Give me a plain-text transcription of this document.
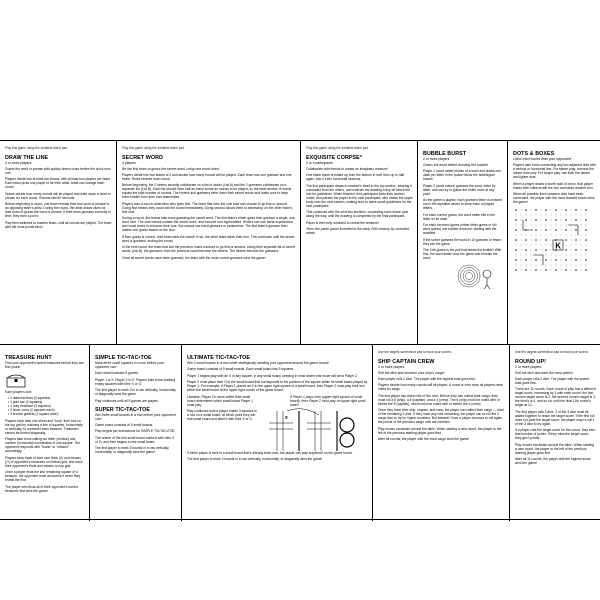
Play this game using the smallest blank pad.
DRAW THE LINE
4 or more players

Guess the word or phrase with quickly drawn clues before the clock runs out!

Players divide into at least two teams, with at least two players per team. Each team picks one player to be their artist. Artist can change each round.

Teams decide how many rounds will be played and write down a word or phrase for each round. Rounds last 60 seconds.

Before beginning a round, one team reveals their first word or phrase to an opposing team's artist. During the round, the artist draws clues for their team to guess the word or phrase. If their team guesses correctly in time, they earn a point.

Play then switches to another team, until all rounds are played. The team with the most points wins!

Play this game using the smallest blank pad.
SECRET WORD
4 players
Be the first team to guess the secret word, using one-word clues!

Players divide into two teams of 2 and decide how many rounds will be played. Each team has one guesser and one hinter. Roles reverse each round.

Before beginning, the 2 hinters secretly collaborate on a list of words (List A) and the 2 guessers collaborate on a separate list (List B). Each list should have half as many words as rounds to be played, so the total number of words equals the total number of rounds. The hinters and guessers write down their secret words and make sure to keep them hidden from their own teammates.

Players toss a coin to determine who goes first. The team that wins the coin toss can choose to go first or second. Going first means they could win the round immediately. Going second allows them to eavesdrop on the other team's first clue.

During a round, the teams take turns guessing the secret word. The first team's hinter gives their guesser a single, one-word clue. The clue cannot contain the secret word, and must be non-hyphenated. Hinters can use facial expressions and vocal tones to enhance their clue. But cannot use hand gestures or pantomime. The first team's guesser then makes one guess based on the clue.

If their guess is correct, their team wins the round! If not, the other team takes their turn. This continues until the secret word is guessed, ending the round.

In the next round, the team that lost the previous round chooses to go first or second. Using their separate list of secret words (List B), the guessers from the previous round become the hinters. The hinters become the guessers.

Once all secret words have been guessed, the team with the most correct guesses wins the game!

Play this game using the smallest blank pad.
EXQUISITE CORPSE*
2 to 4 participants

Collaborate with friends to create an imaginary creature!

One blank sheet is folded up from the bottom in half, then up in half again, into 4 even horizontal sections.

The first participant draws a creature's head in the top section, keeping it concealed from the others, and extends the drawing a tiny bit below the fold for guidelines. When finished, first participant folds their section under, and passes the paper to the next participant, who draws the upper body onto the next section, making sure to leave small guidelines for the next participant.

This continues with the next two sections, concealing each drawn part along the way, until the drawing is completed by the final participant.

Paper is then fully unfolded to reveal the creature!

*from the parlor game invented in the early 20th century by surrealist artists

BUBBLE BURST
2 or more players
Guess the word before bursting the bubble!

Player 1 (word setter) thinks of a word and draws one dash per letter in the space below the bubblegum blower.

Player 2 (word solver) guesses the word, letter by letter, and can try to guess the entire word at any point.

As the game is played, each guessed letter is crossed out in the alphabet above to keep track of played letters.

For each correct guess, the word setter fills in the letter on its dash.

For each incorrect guess (either letter guess or full word guess) one bubble is traced, starting with the smallest.

If the solver guesses the word in 10 guesses or fewer, they win the game.

The 11th guess is the pull that bursts the bubble! With this, the word setter wins the game and reveals the word.

DOTS & BOXES
Claim more boxes than your opponent!

Players take turns connecting any two adjacent dots with a vertical or horizontal line. For starter play, connect the darker dots only. For longer play, use both the darker and lighter dots.

When a player draws a fourth side of a box, that player marks their initial inside the box and takes another turn.

When all possible lines between dots have been connected, the player with the most claimed boxes wins the game!

K
TREASURE HUNT

Find your opponent's buried treasures before they can find yours!

Each player's loot:

• 1 diamond tiara (3 squares)
• 1 gold bar (4 squares)
• 1 ruby necklace (3 squares)
• 2 silver coins (2 squares each)
• 3 bronze goblets (1 square each)

Players each take one sheet and "bury" their loot on the top grid by outlining a line of squares, horizontally or vertically, to represent each treasure. Treasures cannot be buried diagonally.

Players take turns calling out letter (vertical) and number (horizontal) coordinates of one square. The opponent responds with "found" or "missed" accordingly.

Players keep track of their own finds (X) and misses (O) of opponent's treasures on bottom grid, and track their opponent's finds and misses on top grid.

Once a player finds the last remaining square of a treasure, the opponent must announce it when they reveal the find.

The player who finds all of their opponent's buried treasures first wins the game!

SIMPLE TIC•TAC•TOE
Mark three small squares in a row before your opponent can!

Each sheet includes 9 games.

Player 1 is X. Player 2 is O. Players take turns marking empty squares with their X or O.

The first player to mark 3 in a row vertically, horizontally or diagonally wins the game.

Play continues until all 9 games are played.

SUPER TIC•TAC•TOE
Win three small boards in a row before your opponent can!

Game board consists of 9 small boards.

Play begins per instructions for SIMPLE TIC•TAC•TOE.

The winner of the first small board marks it with their X or O, and then begins a new small board.

The first player to mark 3 boards in a row vertically, horizontally, or diagonally wins the game!

ULTIMATE TIC•TAC•TOE
Win 3 small boards in a row while strategically sending your opponent around the game board!

Game board consists of 9 small boards. Each small board has 9 squares.

Player 1 begins play with an X in any square, in any small board, keeping in mind where this move will send Player 2.

Player 2 must place their O in the small board that corresponds to the position of the square within its small board played by Player 1. For example, if Player 1 places an X in the upper right square of a small board, then Player 2 must play their turn within the small board at the upper right corner of the game board.

Likewise, Player 2's move within their small board determines which small board Player 1 must play.

Play continues until a player marks 3 squares in a row on a small board, at which point they win that small board and label it with their X or O.

If Player 1 plays here (upper right square of small board), then Player 2 must play on upper right small board
x

If either player is sent to a small board that's already been won, the player can play anywhere on the game board.

The first player to mark 3 boards in a row vertically, horizontally, or diagonally wins the game!

Use the largest screenshot pad to track your scores.
SHIP CAPTAIN CREW
2 or more players
Roll the dice and increase your ship's cargo!

Each player rolls 2 dice. The player with the highest total goes first.

Players decide how many rounds will be played. A round is over once all players have rolled for cargo.

The first player has three rolls of five dice. Before they can collect their cargo, they must roll a 6 (ship), a 5 (captain), and a 4 (crew). The 6 (ship) must be rolled with or before the 5 (captain), which must be rolled with or before the 4 (crew).

Once they have their ship, captain, and crew, the player can collect their cargo — total of the remaining 2 dice. If they have any rolls remaining, the player can re-roll the 2 cargo dice to try for higher numbers. But beware! Once a player chooses to roll again, the points of the previous cargo rolls are forfeited.

Play moves clockwise around the table. When starting a new round, the player to the left of the previous starting player goes first.

After all rounds, the player with the most cargo wins the game!

Use the largest screenshot pad to track your scores.
ROUND UP!
2 or more players
Roll the dice and earn the most points!

Each player rolls 2 dice. The player with the lowest total goes first.

There are 11 rounds. Each round of play has a different target score, increasing by 1 with each round: the first round's target score is 2, the second round's target is 3, the third's is 4, and so on, until the final 11th round's target at 12.

The first player rolls 3 dice. 2 of the 3 dice must be added together to reach the target score. If the first roll does not yield the target score, the player may re-roll 1 of the 3 dice to try again.

If a player rolls the target score for the round, they earn that number of points. If they miss the target score, they get 0 points.

Play moves clockwise around the table. When starting a new round, the player to the left of the previous starting player goes first.

After all 11 rounds, the player with the highest score wins the game!
